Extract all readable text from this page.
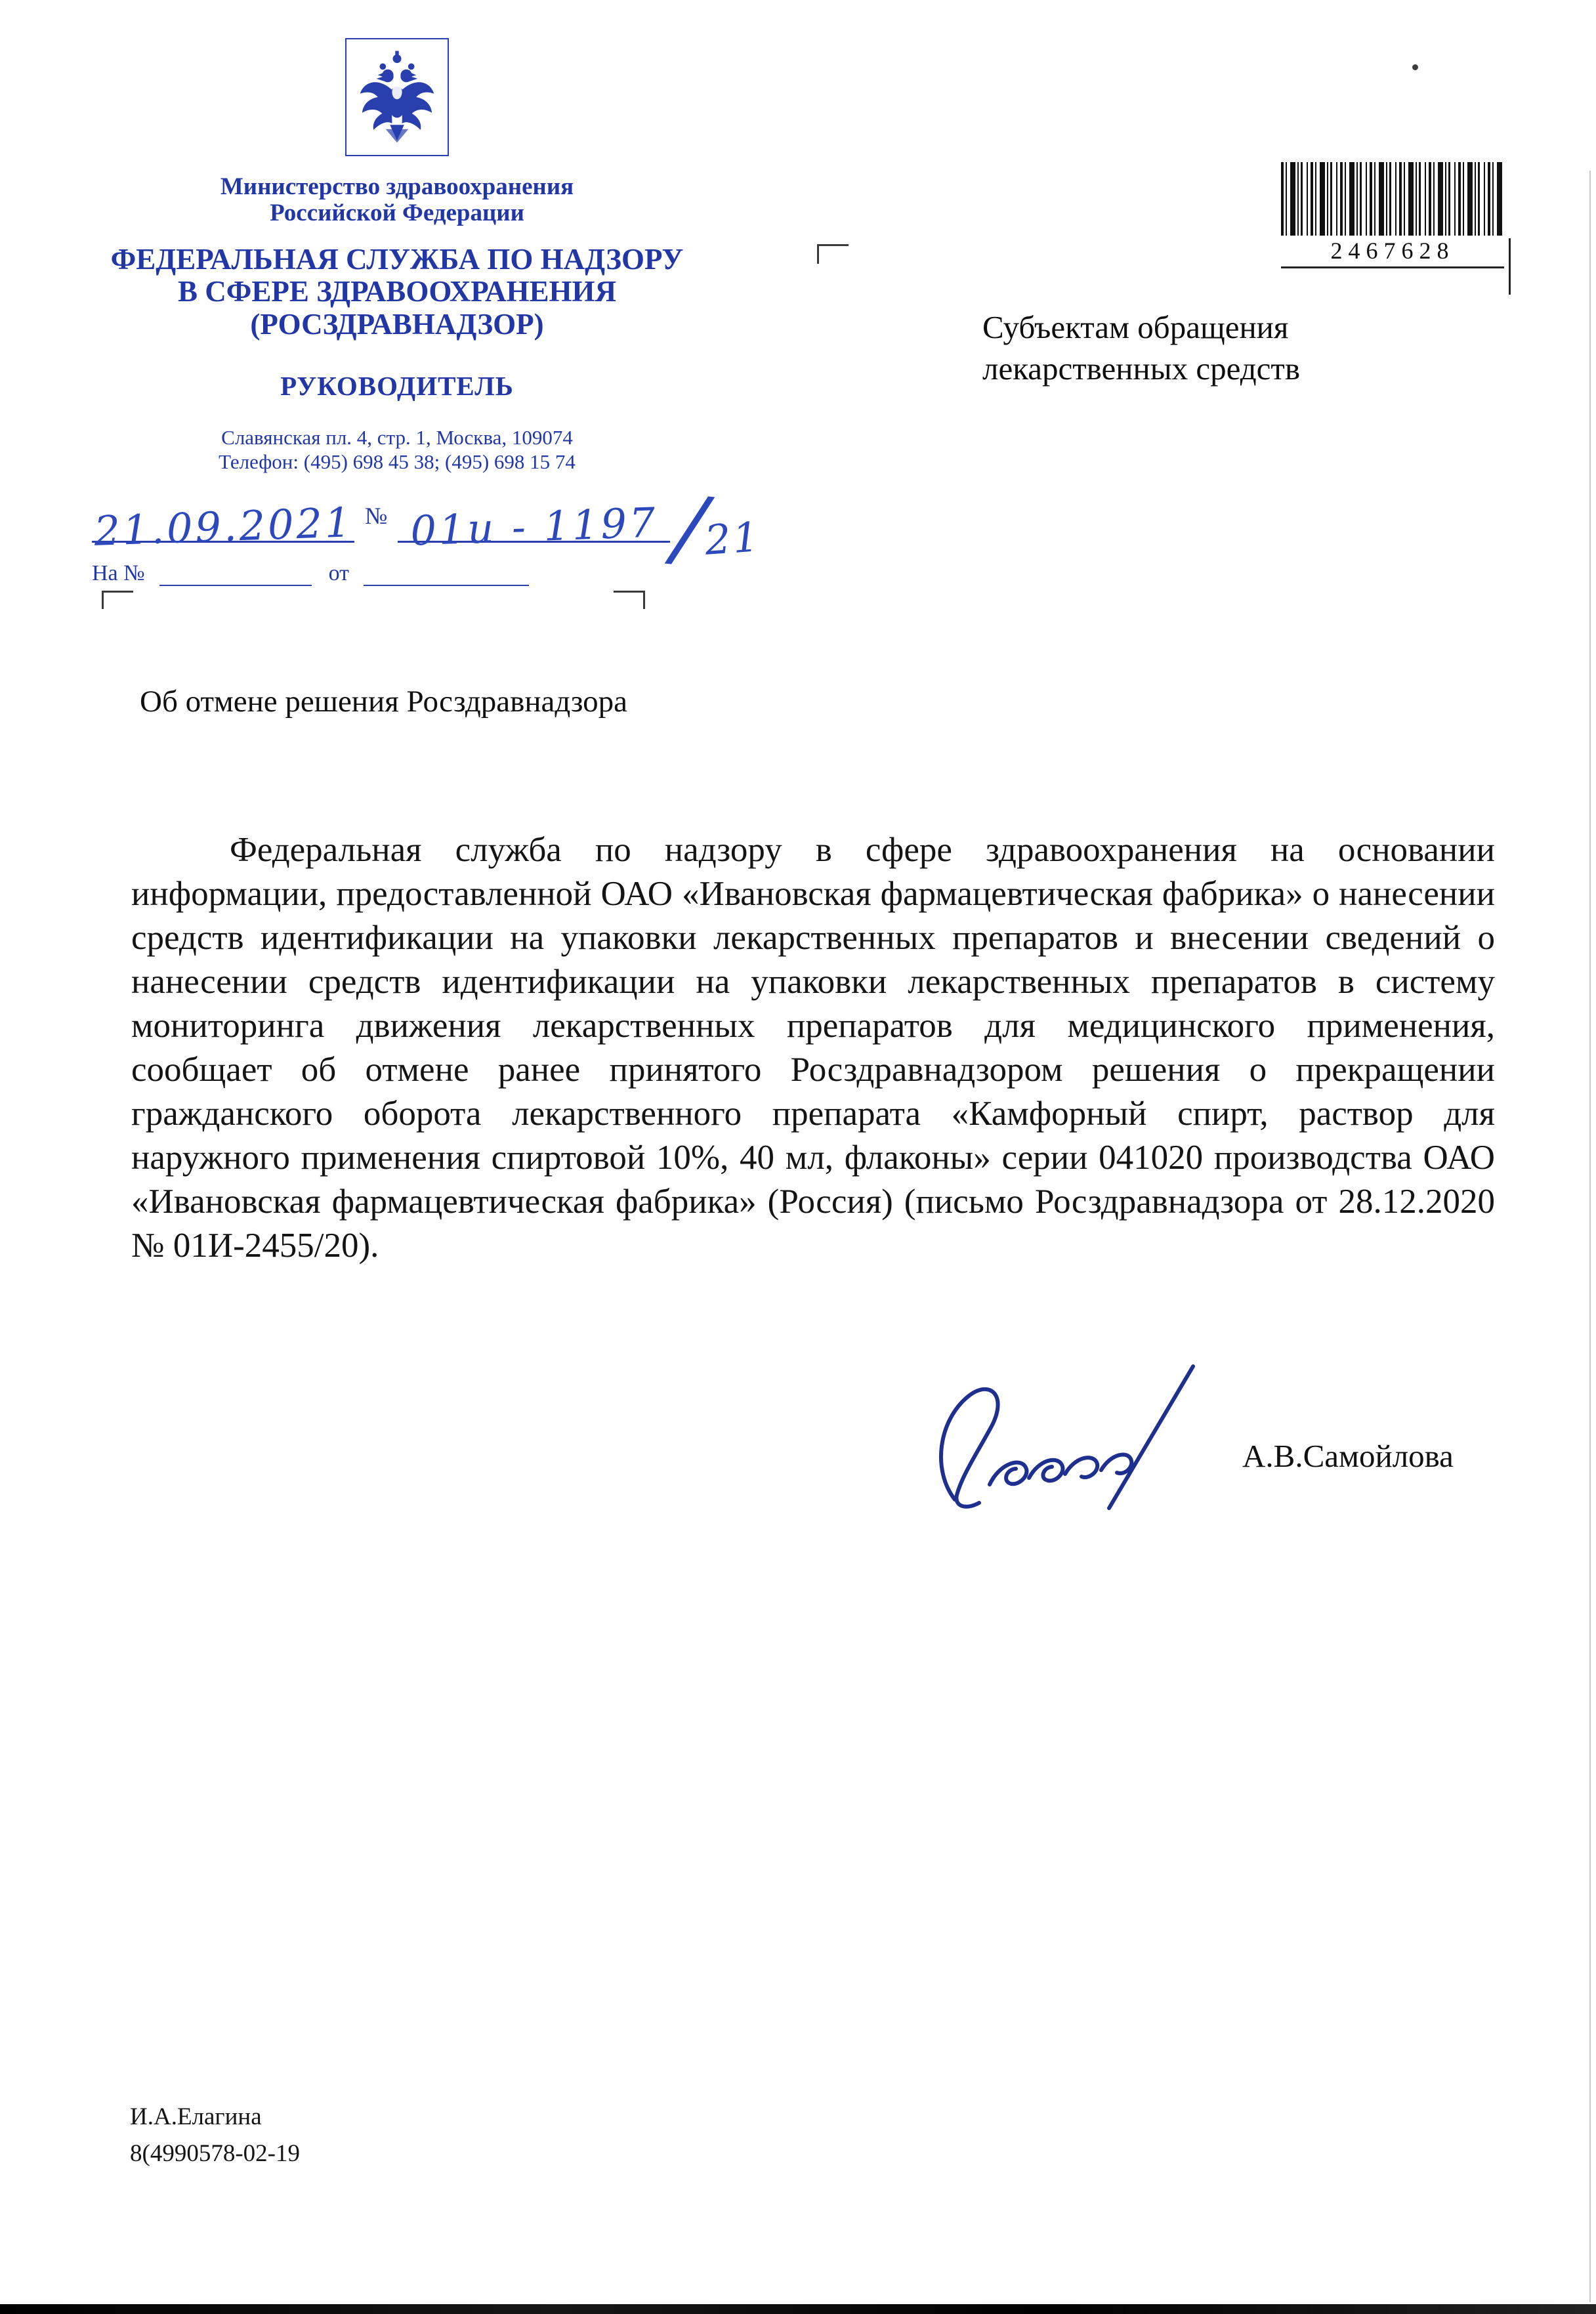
Министерство здравоохранения
Российской Федерации
ФЕДЕРАЛЬНАЯ СЛУЖБА ПО НАДЗОРУ
В СФЕРЕ ЗДРАВООХРАНЕНИЯ
(РОСЗДРАВНАДЗОР)
РУКОВОДИТЕЛЬ
Славянская пл. 4, стр. 1, Москва, 109074
Телефон: (495) 698 45 38; (495) 698 15 74
21.09.2021 № 01и - 1197 /21
На №	от
2467628
Субъектам обращения
лекарственных средств
Об отмене решения Росздравнадзора

Федеральная служба по надзору в сфере здравоохранения на основании информации, предоставленной ОАО «Ивановская фармацевтическая фабрика» о нанесении средств идентификации на упаковки лекарственных препаратов и внесении сведений о нанесении средств идентификации на упаковки лекарственных препаратов в систему мониторинга движения лекарственных препаратов для медицинского применения, сообщает об отмене ранее принятого Росздравнадзором решения о прекращении гражданского оборота лекарственного препарата «Камфорный спирт, раствор для наружного применения спиртовой 10%, 40 мл, флаконы» серии 041020 производства ОАО «Ивановская фармацевтическая фабрика» (Россия) (письмо Росздравнадзора от 28.12.2020 № 01И-2455/20).

А.В.Самойлова
И.А.Елагина
8(4990578-02-19
